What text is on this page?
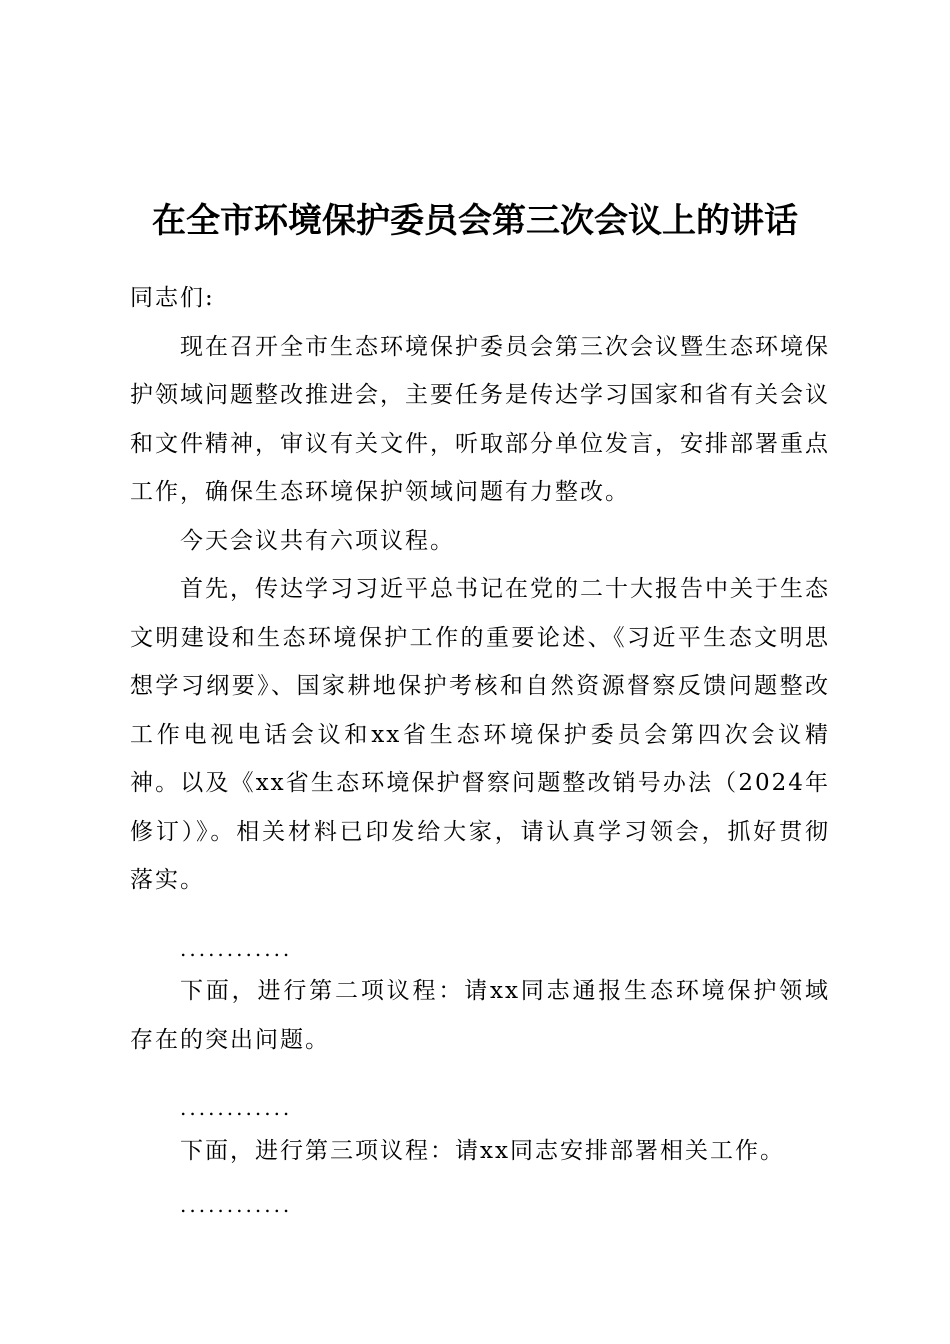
在全市环境保护委员会第三次会议上的讲话

同志们:

现在召开全市生态环境保护委员会第三次会议暨生态环境保护领域问题整改推进会，主要任务是传达学习国家和省有关会议和文件精神，审议有关文件，听取部分单位发言，安排部署重点工作，确保生态环境保护领域问题有力整改。

今天会议共有六项议程。

首先，传达学习习近平总书记在党的二十大报告中关于生态文明建设和生态环境保护工作的重要论述、《习近平生态文明思想学习纲要》、国家耕地保护考核和自然资源督察反馈问题整改工作电视电话会议和xx省生态环境保护委员会第四次会议精神。以及《xx省生态环境保护督察问题整改销号办法（2024年修订）》。相关材料已印发给大家，请认真学习领会，抓好贯彻落实。

............

下面，进行第二项议程：请xx同志通报生态环境保护领域存在的突出问题。

............

下面，进行第三项议程：请xx同志安排部署相关工作。

............
